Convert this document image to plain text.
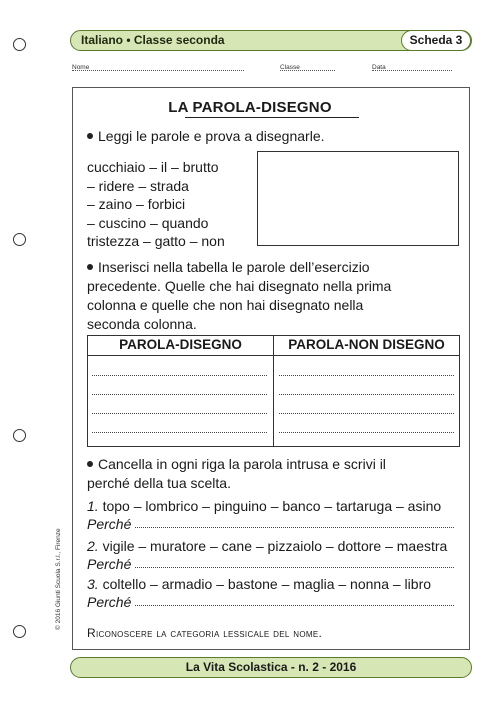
Italiano • Classe seconda	Scheda 3
Nome	Classe	Data
LA PAROLA-DISEGNO
Leggi le parole e prova a disegnarle.
cucchiaio – il – brutto
– ridere – strada
– zaino – forbici
– cuscino – quando
tristezza – gatto – non
Inserisci nella tabella le parole dell’esercizio
precedente. Quelle che hai disegnato nella prima
colonna e quelle che non hai disegnato nella
seconda colonna.
PAROLA-DISEGNO	PAROLA-NON DISEGNO
Cancella in ogni riga la parola intrusa e scrivi il
perché della tua scelta.
1. topo – lombrico – pinguino – banco – tartaruga – asino
Perché
2. vigile – muratore – cane – pizzaiolo – dottore – maestra
Perché
3. coltello – armadio – bastone – maglia – nonna – libro
Perché
Riconoscere la categoria lessicale del nome.
© 2016 Giunti Scuola S.r.l., Firenze
La Vita Scolastica - n. 2 - 2016
